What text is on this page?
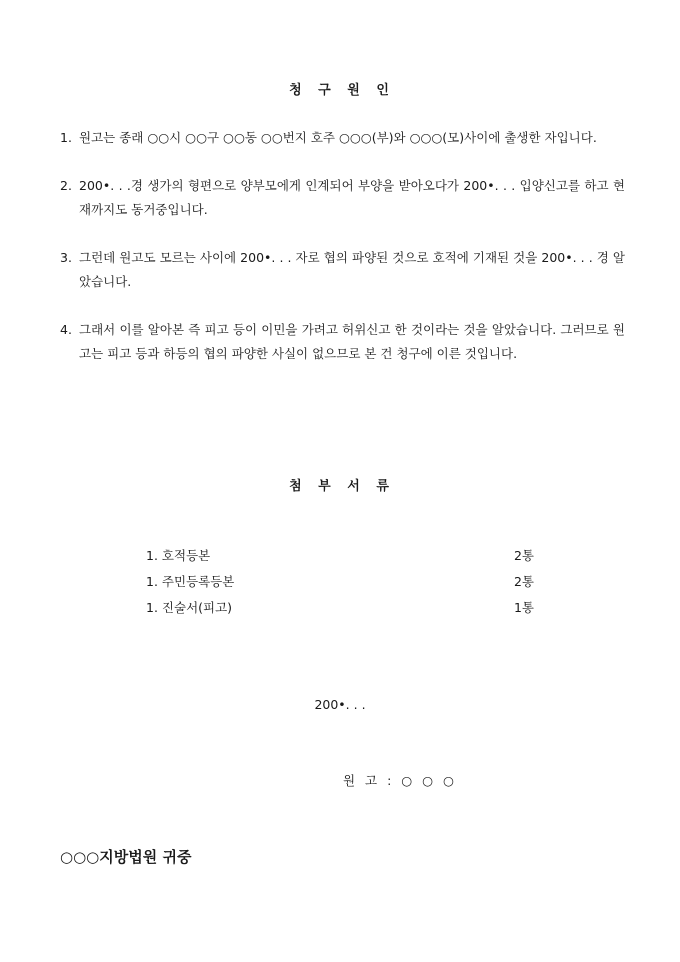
청 구 원 인
1. 원고는 종래 ○○시 ○○구 ○○동 ○○번지 호주 ○○○(부)와 ○○○(모)사이에 출생한 자입니다.
2. 200•. . .경 생가의 형편으로 양부모에게 인계되어 부양을 받아오다가 200•. . . 입양신고를 하고 현재까지도 동거중입니다.
3. 그런데 원고도 모르는 사이에 200•. . . 자로 협의 파양된 것으로 호적에 기재된 것을 200•. . . 경 알았습니다.
4. 그래서 이를 알아본 즉 피고 등이 이민을 가려고 허위신고 한 것이라는 것을 알았습니다. 그러므로 원고는 피고 등과 하등의 협의 파양한 사실이 없으므로 본 건 청구에 이른 것입니다.
첨 부 서 류
1. 호적등본	2통
1. 주민등록등본	2통
1. 진술서(피고)	1통
200•. . .
원 고 : ○ ○ ○
○○○지방법원 귀중
